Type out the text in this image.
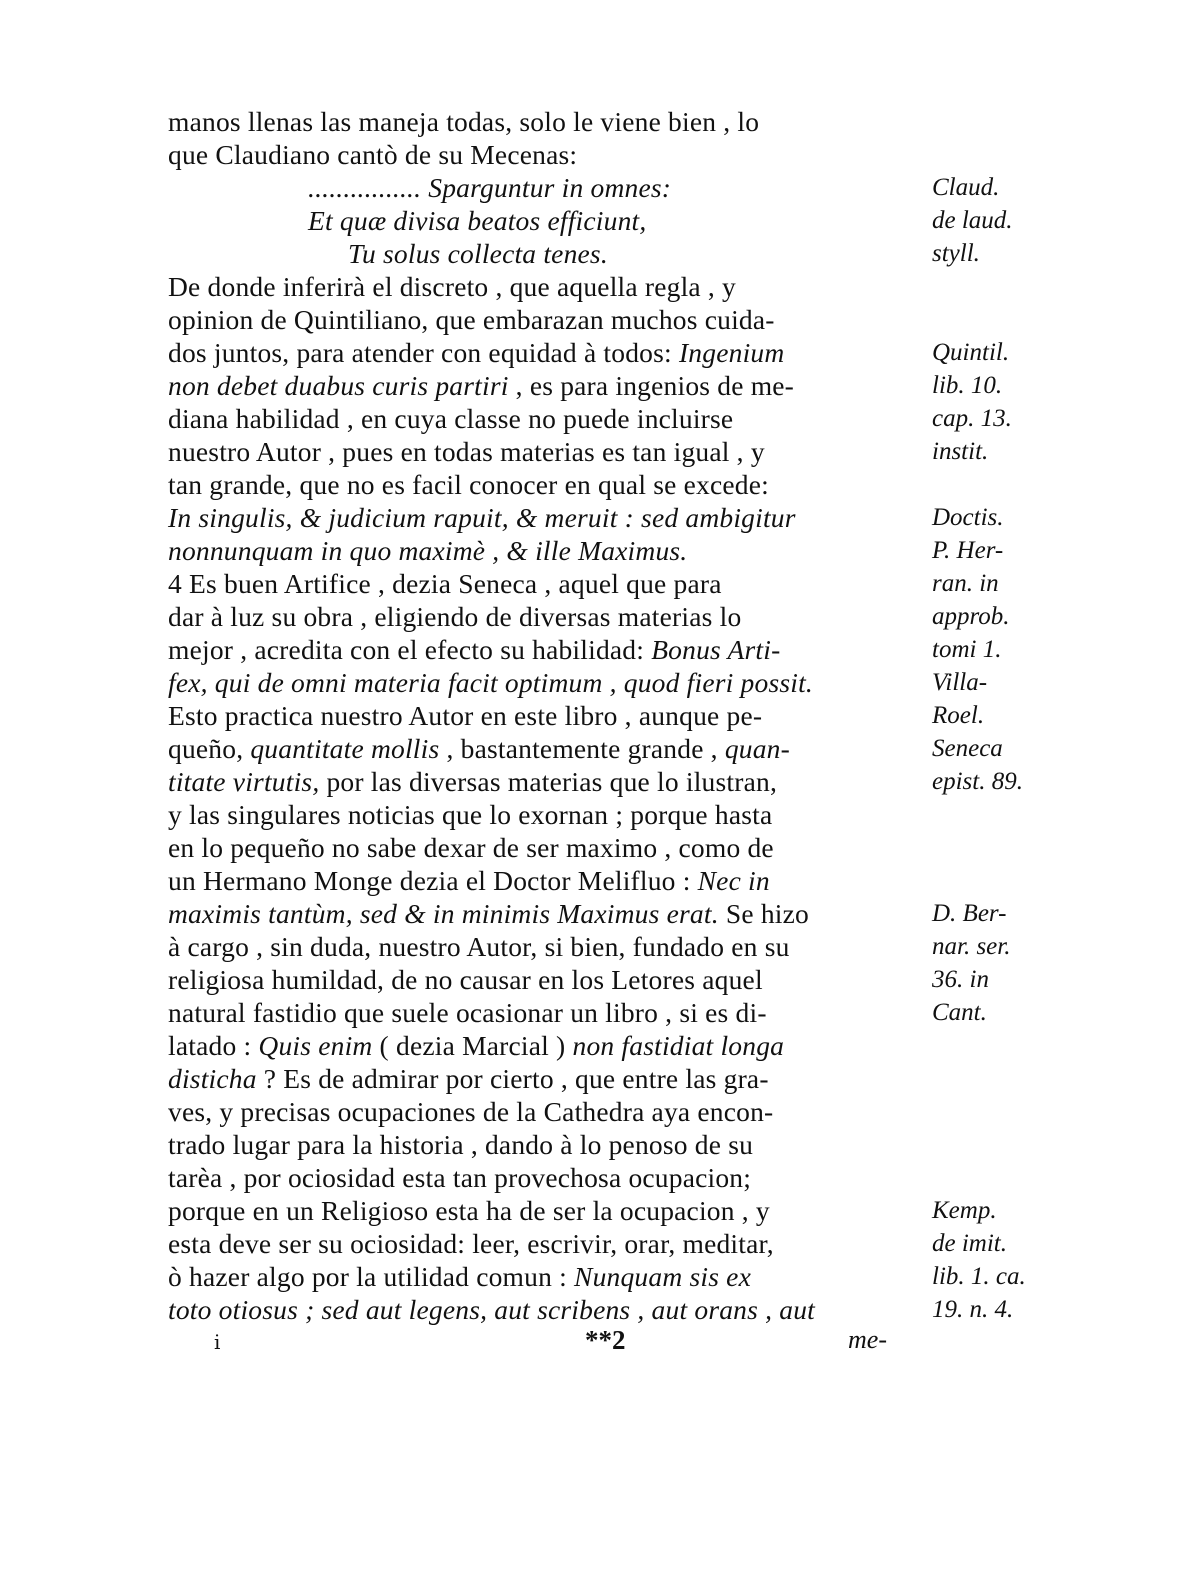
manos llenas las maneja todas, solo le viene bien , lo
que Claudiano cantò de su Mecenas:
................ Sparguntur in omnes:
Et quæ divisa beatos efficiunt,
Tu solus collecta tenes.
De donde inferirà el discreto , que aquella regla , y
opinion de Quintiliano, que embarazan muchos cuida-
dos juntos, para atender con equidad à todos: Ingenium
non debet duabus curis partiri , es para ingenios de me-
diana habilidad , en cuya classe no puede incluirse
nuestro Autor , pues en todas materias es tan igual , y
tan grande, que no es facil conocer en qual se excede:
In singulis, & judicium rapuit, & meruit : sed ambigitur
nonnunquam in quo maximè , & ille Maximus.
4 Es buen Artifice , dezia Seneca , aquel que para
dar à luz su obra , eligiendo de diversas materias lo
mejor , acredita con el efecto su habilidad: Bonus Arti-
fex, qui de omni materia facit optimum , quod fieri possit.
Esto practica nuestro Autor en este libro , aunque pe-
queño, quantitate mollis , bastantemente grande , quan-
titate virtutis, por las diversas materias que lo ilustran,
y las singulares noticias que lo exornan ; porque hasta
en lo pequeño no sabe dexar de ser maximo , como de
un Hermano Monge dezia el Doctor Melifluo : Nec in
maximis tantùm, sed & in minimis Maximus erat. Se hizo
à cargo , sin duda, nuestro Autor, si bien, fundado en su
religiosa humildad, de no causar en los Letores aquel
natural fastidio que suele ocasionar un libro , si es di-
latado : Quis enim ( dezia Marcial ) non fastidiat longa
disticha ? Es de admirar por cierto , que entre las gra-
ves, y precisas ocupaciones de la Cathedra aya encon-
trado lugar para la historia , dando à lo penoso de su
tarèa , por ociosidad esta tan provechosa ocupacion;
porque en un Religioso esta ha de ser la ocupacion , y
esta deve ser su ociosidad: leer, escrivir, orar, meditar,
ò hazer algo por la utilidad comun : Nunquam sis ex
toto otiosus ; sed aut legens, aut scribens , aut orans , aut
Claud.
de laud.
styll.
Quintil.
lib. 10.
cap. 13.
instit.
Doctis.
P. Her-
ran. in
approb.
tomi 1.
Villa-
Roel.
Seneca
epist. 89.
D. Ber-
nar. ser.
36. in
Cant.
Kemp.
de imit.
lib. 1. ca.
19. n. 4.
i	**2	me-
